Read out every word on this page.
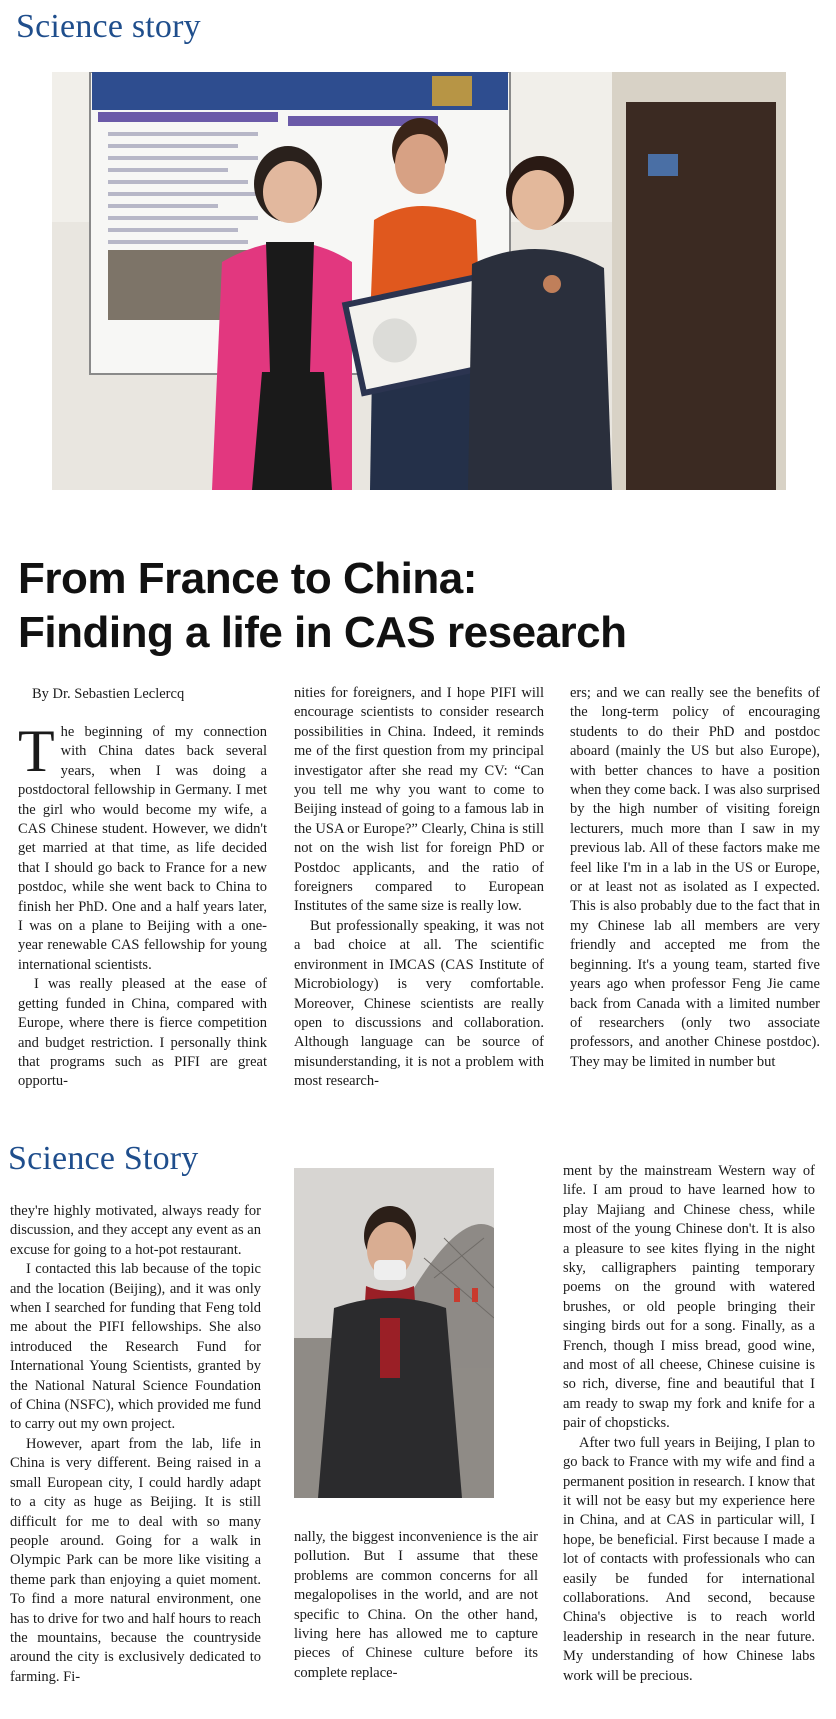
Science story
From France to China:
Finding a life in CAS research
By Dr. Sebastien Leclercq

The beginning of my connection with China dates back several years, when I was doing a postdoctoral fellowship in Germany. I met the girl who would become my wife, a CAS Chinese student. However, we didn't get married at that time, as life decided that I should go back to France for a new postdoc, while she went back to China to finish her PhD. One and a half years later, I was on a plane to Beijing with a one-year renewable CAS fellowship for young international scientists.

I was really pleased at the ease of getting funded in China, compared with Europe, where there is fierce competition and budget restriction. I personally think that programs such as PIFI are great opportu-

nities for foreigners, and I hope PIFI will encourage scientists to consider research possibilities in China. Indeed, it reminds me of the first question from my principal investigator after she read my CV: “Can you tell me why you want to come to Beijing instead of going to a famous lab in the USA or Europe?” Clearly, China is still not on the wish list for foreign PhD or Postdoc applicants, and the ratio of foreigners compared to European Institutes of the same size is really low.

But professionally speaking, it was not a bad choice at all. The scientific environment in IMCAS (CAS Institute of Microbiology) is very comfortable. Moreover, Chinese scientists are really open to discussions and collaboration. Although language can be source of misunderstanding, it is not a problem with most research-

ers; and we can really see the benefits of the long-term policy of encouraging students to do their PhD and postdoc aboard (mainly the US but also Europe), with better chances to have a position when they come back. I was also surprised by the high number of visiting foreign lecturers, much more than I saw in my previous lab. All of these factors make me feel like I'm in a lab in the US or Europe, or at least not as isolated as I expected. This is also probably due to the fact that in my Chinese lab all members are very friendly and accepted me from the beginning. It's a young team, started five years ago when professor Feng Jie came back from Canada with a limited number of researchers (only two associate professors, and another Chinese postdoc). They may be limited in number but

Science Story

they're highly motivated, always ready for discussion, and they accept any event as an excuse for going to a hot-pot restaurant.

I contacted this lab because of the topic and the location (Beijing), and it was only when I searched for funding that Feng told me about the PIFI fellowships. She also introduced the Research Fund for International Young Scientists, granted by the National Natural Science Foundation of China (NSFC), which provided me fund to carry out my own project.

However, apart from the lab, life in China is very different. Being raised in a small European city, I could hardly adapt to a city as huge as Beijing. It is still difficult for me to deal with so many people around. Going for a walk in Olympic Park can be more like visiting a theme park than enjoying a quiet moment. To find a more natural environment, one has to drive for two and half hours to reach the mountains, because the countryside around the city is exclusively dedicated to farming. Fi-

nally, the biggest inconvenience is the air pollution. But I assume that these problems are common concerns for all megalopolises in the world, and are not specific to China. On the other hand, living here has allowed me to capture pieces of Chinese culture before its complete replace-

ment by the mainstream Western way of life. I am proud to have learned how to play Majiang and Chinese chess, while most of the young Chinese don't. It is also a pleasure to see kites flying in the night sky, calligraphers painting temporary poems on the ground with watered brushes, or old people bringing their singing birds out for a song. Finally, as a French, though I miss bread, good wine, and most of all cheese, Chinese cuisine is so rich, diverse, fine and beautiful that I am ready to swap my fork and knife for a pair of chopsticks.

After two full years in Beijing, I plan to go back to France with my wife and find a permanent position in research. I know that it will not be easy but my experience here in China, and at CAS in particular will, I hope, be beneficial. First because I made a lot of contacts with professionals who can easily be funded for international collaborations. And second, because China's objective is to reach world leadership in research in the near future. My understanding of how Chinese labs work will be precious.
